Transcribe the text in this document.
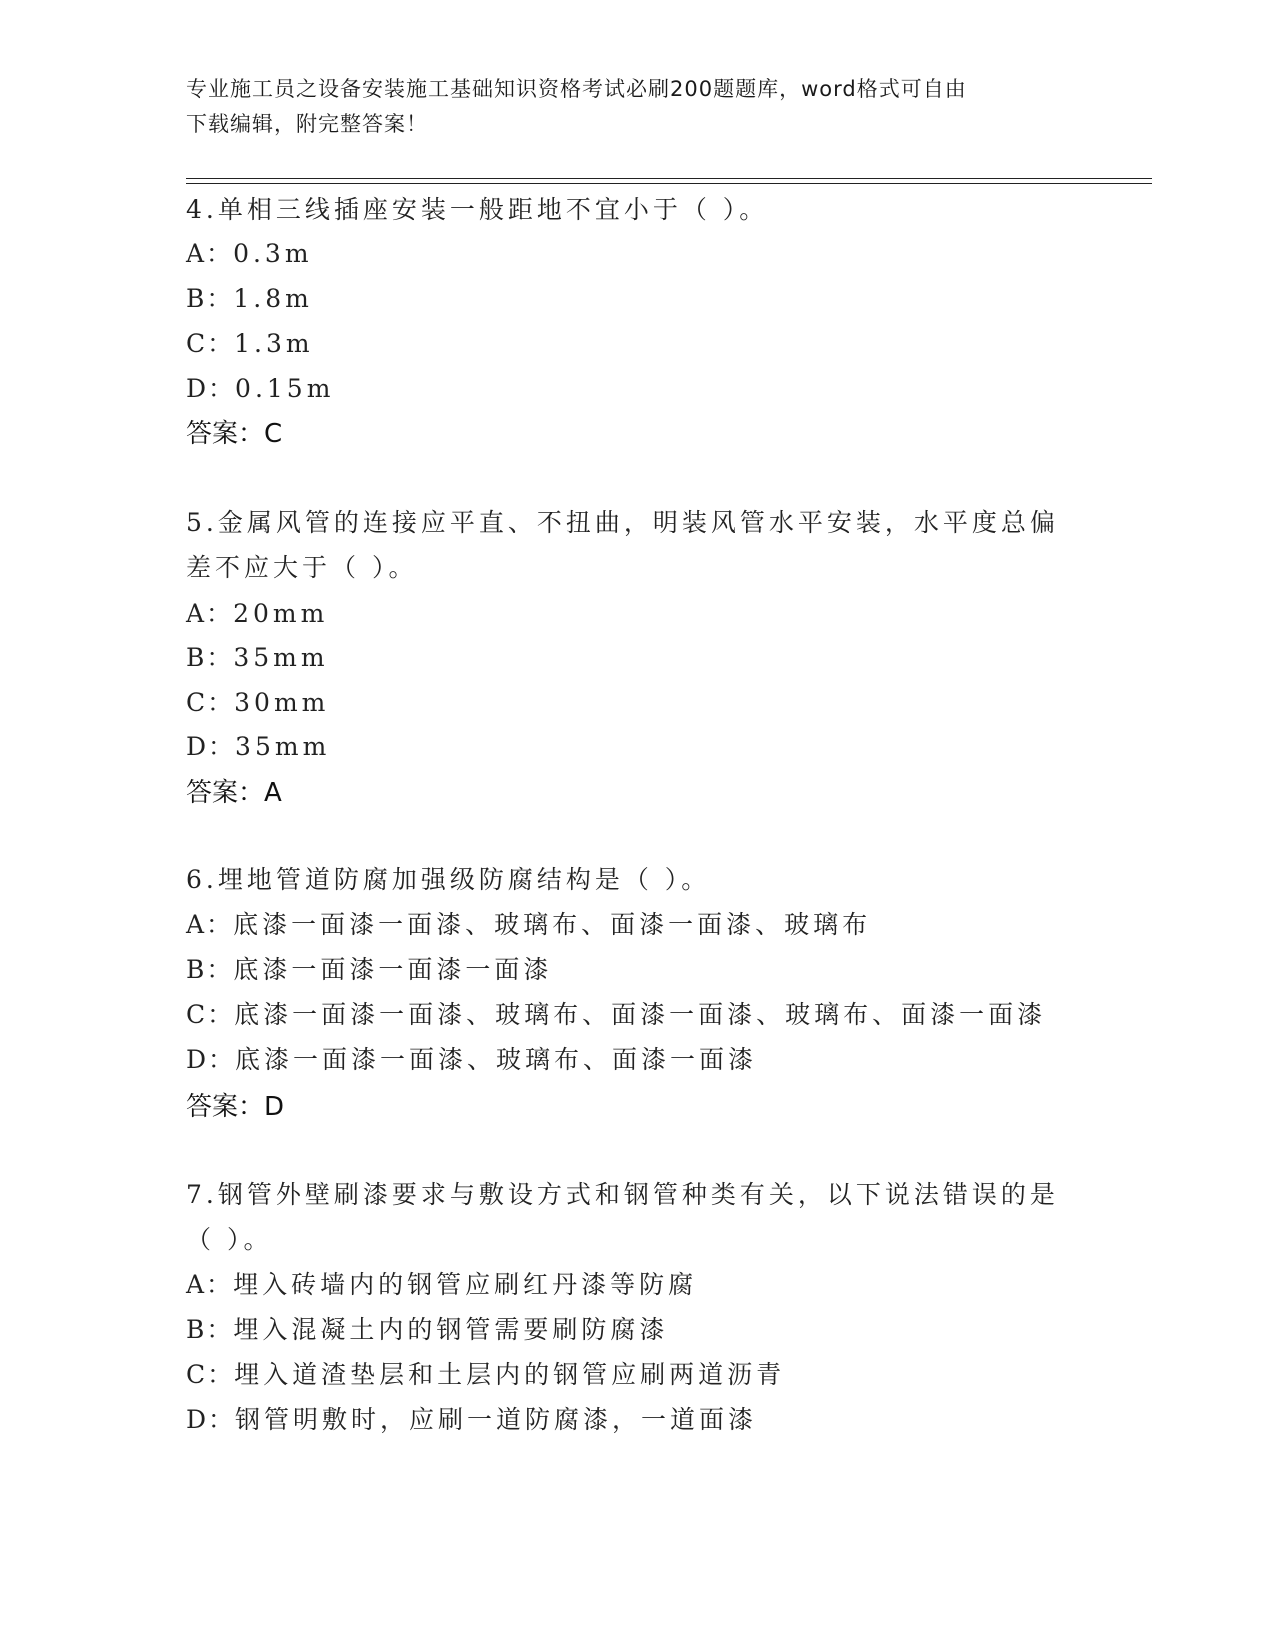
专业施工员之设备安装施工基础知识资格考试必刷200题题库，word格式可自由
下载编辑，附完整答案！
4.单相三线插座安装一般距地不宜小于（ ）。
A：0.3m
B：1.8m
C：1.3m
D：0.15m
答案：C
5.金属风管的连接应平直、不扭曲，明装风管水平安装，水平度总偏
差不应大于（ ）。
A：20mm
B：35mm
C：30mm
D：35mm
答案：A
6.埋地管道防腐加强级防腐结构是（ ）。
A：底漆一面漆一面漆、玻璃布、面漆一面漆、玻璃布
B：底漆一面漆一面漆一面漆
C：底漆一面漆一面漆、玻璃布、面漆一面漆、玻璃布、面漆一面漆
D：底漆一面漆一面漆、玻璃布、面漆一面漆
答案：D
7.钢管外壁刷漆要求与敷设方式和钢管种类有关，以下说法错误的是
（ ）。
A：埋入砖墙内的钢管应刷红丹漆等防腐
B：埋入混凝土内的钢管需要刷防腐漆
C：埋入道渣垫层和土层内的钢管应刷两道沥青
D：钢管明敷时，应刷一道防腐漆，一道面漆
